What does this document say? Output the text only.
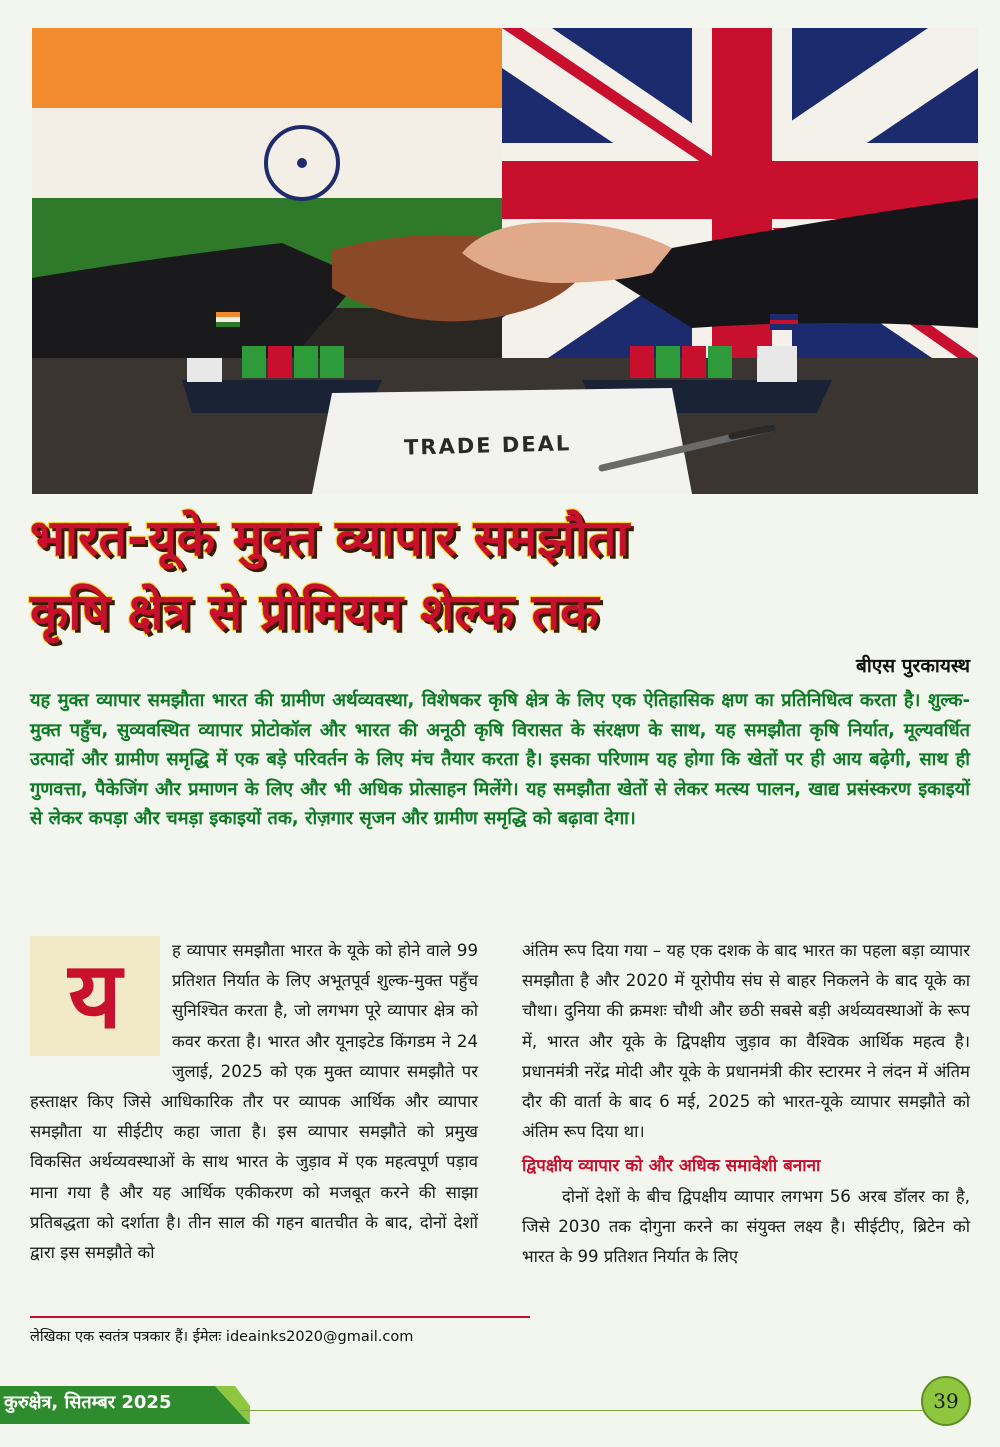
TRADE DEAL
भारत-यूके मुक्त व्यापार समझौता
कृषि क्षेत्र से प्रीमियम शेल्फ तक
बीएस पुरकायस्थ
यह मुक्त व्यापार समझौता भारत की ग्रामीण अर्थव्यवस्था, विशेषकर कृषि क्षेत्र के लिए एक ऐतिहासिक क्षण का प्रतिनिधित्व करता है। शुल्क-मुक्त पहुँच, सुव्यवस्थित व्यापार प्रोटोकॉल और भारत की अनूठी कृषि विरासत के संरक्षण के साथ, यह समझौता कृषि निर्यात, मूल्यवर्धित उत्पादों और ग्रामीण समृद्धि में एक बड़े परिवर्तन के लिए मंच तैयार करता है। इसका परिणाम यह होगा कि खेतों पर ही आय बढ़ेगी, साथ ही गुणवत्ता, पैकेजिंग और प्रमाणन के लिए और भी अधिक प्रोत्साहन मिलेंगे। यह समझौता खेतों से लेकर मत्स्य पालन, खाद्य प्रसंस्करण इकाइयों से लेकर कपड़ा और चमड़ा इकाइयों तक, रोज़गार सृजन और ग्रामीण समृद्धि को बढ़ावा देगा।
य	ह व्यापार समझौता भारत के यूके को होने वाले 99 प्रतिशत निर्यात के लिए अभूतपूर्व शुल्क-मुक्त पहुँच सुनिश्चित करता है, जो लगभग पूरे व्यापार क्षेत्र को कवर करता है। भारत और यूनाइटेड किंगडम ने 24 जुलाई, 2025 को एक मुक्त व्यापार समझौते पर हस्ताक्षर किए जिसे आधिकारिक तौर पर व्यापक आर्थिक और व्यापार समझौता या सीईटीए कहा जाता है। इस व्यापार समझौते को प्रमुख विकसित अर्थव्यवस्थाओं के साथ भारत के जुड़ाव में एक महत्वपूर्ण पड़ाव माना गया है और यह आर्थिक एकीकरण को मजबूत करने की साझा प्रतिबद्धता को दर्शाता है। तीन साल की गहन बातचीत के बाद, दोनों देशों द्वारा इस समझौते को

अंतिम रूप दिया गया – यह एक दशक के बाद भारत का पहला बड़ा व्यापार समझौता है और 2020 में यूरोपीय संघ से बाहर निकलने के बाद यूके का चौथा। दुनिया की क्रमशः चौथी और छठी सबसे बड़ी अर्थव्यवस्थाओं के रूप में, भारत और यूके के द्विपक्षीय जुड़ाव का वैश्विक आर्थिक महत्व है। प्रधानमंत्री नरेंद्र मोदी और यूके के प्रधानमंत्री कीर स्टारमर ने लंदन में अंतिम दौर की वार्ता के बाद 6 मई, 2025 को भारत-यूके व्यापार समझौते को अंतिम रूप दिया था।

द्विपक्षीय व्यापार को और अधिक समावेशी बनाना

दोनों देशों के बीच द्विपक्षीय व्यापार लगभग 56 अरब डॉलर का है, जिसे 2030 तक दोगुना करने का संयुक्त लक्ष्य है। सीईटीए, ब्रिटेन को भारत के 99 प्रतिशत निर्यात के लिए

लेखिका एक स्वतंत्र पत्रकार हैं। ईमेलः ideainks2020@gmail.com
कुरुक्षेत्र, सितम्बर 2025	39
